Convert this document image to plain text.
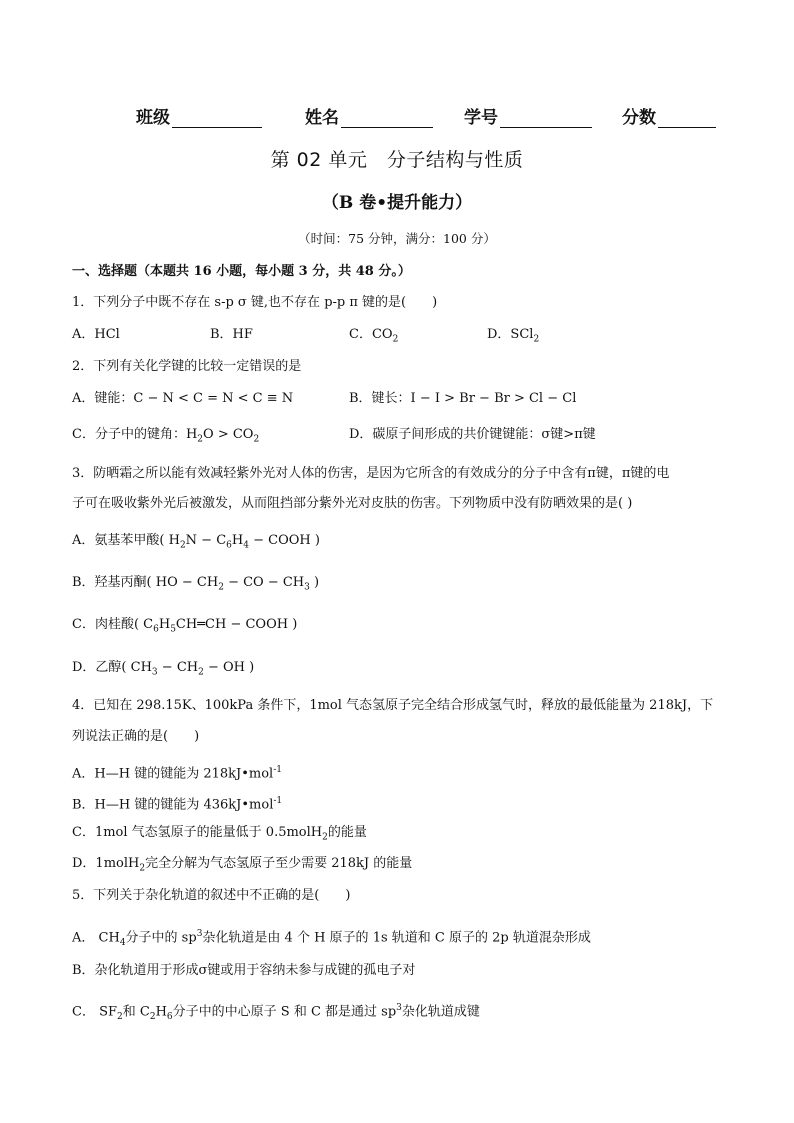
班级	姓名	学号	分数
第 02 单元　分子结构与性质
（B 卷•提升能力）
（时间：75 分钟，满分：100 分）
一、选择题（本题共 16 小题，每小题 3 分，共 48 分。）
1．下列分子中既不存在 s-p σ 键,也不存在 p-p π 键的是(　　)
A．HCl	B．HF	C．$CO_2$	D．SCl$_2$
2．下列有关化学键的比较一定错误的是
A．键能：C − N < C = N < C ≡ N	B．键长：I − I > Br − Br > Cl − Cl
C．分子中的键角：$H_2O > CO_2$	D．碳原子间形成的共价键键能：σ键>π键
3．防晒霜之所以能有效减轻紫外光对人体的伤害，是因为它所含的有效成分的分子中含有π键，π键的电
子可在吸收紫外光后被激发，从而阻挡部分紫外光对皮肤的伤害。下列物质中没有防晒效果的是( )
A．氨基苯甲酸( $H_2N - C_6H_4$ − COOH )
B．羟基丙酮( HO − $CH_2$ − CO − $CH_3$ )
C．肉桂酸( $C_6H_5CH═CH$ − COOH )
D．乙醇( $CH_3 - CH_2$ − OH )
4．已知在 298.15K、100kPa 条件下，1mol 气态氢原子完全结合形成氢气时，释放的最低能量为 218kJ，下
列说法正确的是(　　)
A．H—H 键的键能为 218kJ•mol$^{-1}$
B．H—H 键的键能为 436kJ•mol$^{-1}$
C．1mol 气态氢原子的能量低于 0.5molH$_2$的能量
D．1molH$_2$完全分解为气态氢原子至少需要 218kJ 的能量
5．下列关于杂化轨道的叙述中不正确的是(　　)
A． $CH_4$分子中的 $sp^3$杂化轨道是由 4 个 H 原子的 1s 轨道和 C 原子的 2p 轨道混杂形成
B．杂化轨道用于形成σ键或用于容纳未参与成键的孤电子对
C． $SF_2$和 $C_2H_6$分子中的中心原子 S 和 C 都是通过 $sp^3$杂化轨道成键
